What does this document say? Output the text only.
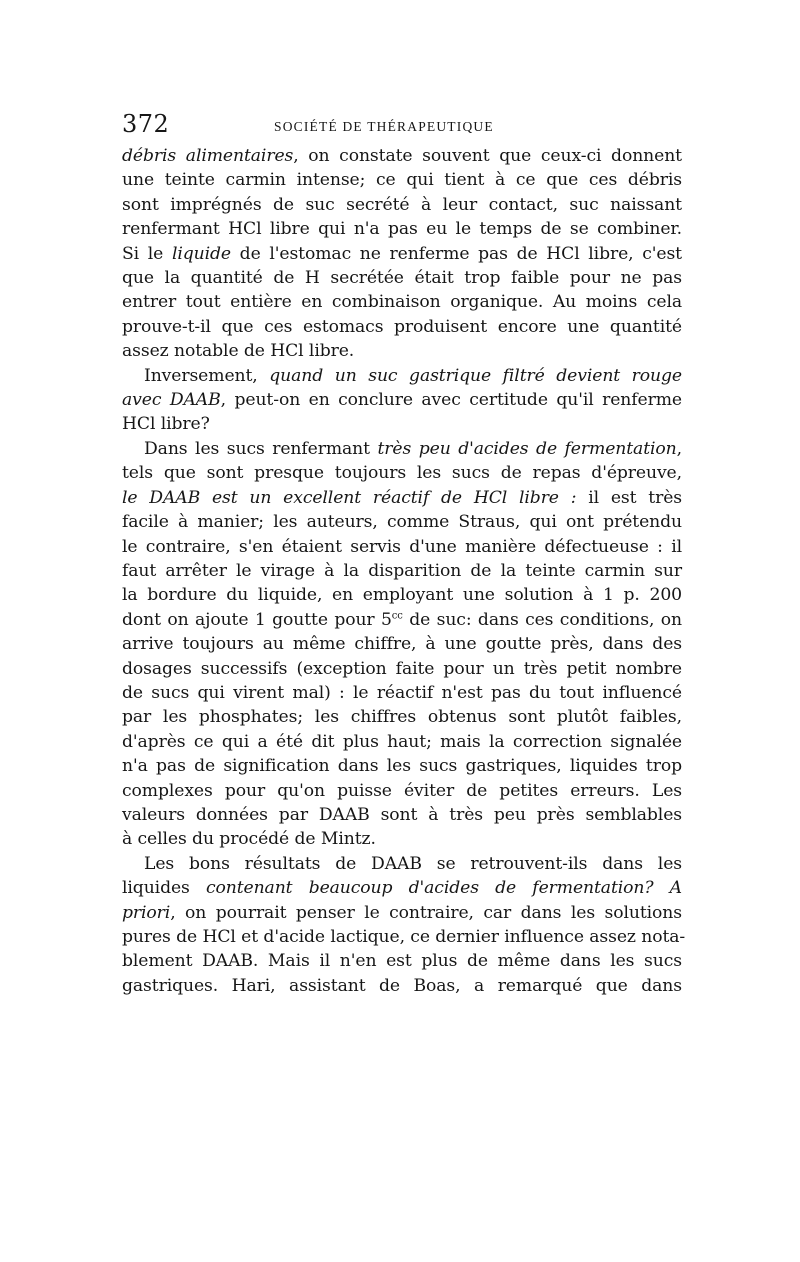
372	SOCIÉTÉ DE THÉRAPEUTIQUE

débris alimentaires, on constate souvent que ceux-ci donnent
une teinte carmin intense; ce qui tient à ce que ces débris
sont imprégnés de suc secrété à leur contact, suc naissant
renfermant HCl libre qui n'a pas eu le temps de se combiner.
Si le liquide de l'estomac ne renferme pas de HCl libre, c'est
que la quantité de H secrétée était trop faible pour ne pas
entrer tout entière en combinaison organique. Au moins cela
prouve-t-il que ces estomacs produisent encore une quantité
assez notable de HCl libre.

Inversement, quand un suc gastrique filtré devient rouge
avec DAAB, peut-on en conclure avec certitude qu'il renferme
HCl libre?

Dans les sucs renfermant très peu d'acides de fermentation,
tels que sont presque toujours les sucs de repas d'épreuve,
le DAAB est un excellent réactif de HCl libre : il est très
facile à manier; les auteurs, comme Straus, qui ont prétendu
le contraire, s'en étaient servis d'une manière défectueuse : il
faut arrêter le virage à la disparition de la teinte carmin sur
la bordure du liquide, en employant une solution à 1 p. 200
dont on ajoute 1 goutte pour $5^{cc}$ de suc: dans ces conditions, on
arrive toujours au même chiffre, à une goutte près, dans des
dosages successifs (exception faite pour un très petit nombre
de sucs qui virent mal) : le réactif n'est pas du tout influencé
par les phosphates; les chiffres obtenus sont plutôt faibles,
d'après ce qui a été dit plus haut; mais la correction signalée
n'a pas de signification dans les sucs gastriques, liquides trop
complexes pour qu'on puisse éviter de petites erreurs. Les
valeurs données par DAAB sont à très peu près semblables
à celles du procédé de Mintz.

Les bons résultats de DAAB se retrouvent-ils dans les
liquides contenant beaucoup d'acides de fermentation? A
priori, on pourrait penser le contraire, car dans les solutions
pures de HCl et d'acide lactique, ce dernier influence assez nota-
blement DAAB. Mais il n'en est plus de même dans les sucs
gastriques. Hari, assistant de Boas, a remarqué que dans
